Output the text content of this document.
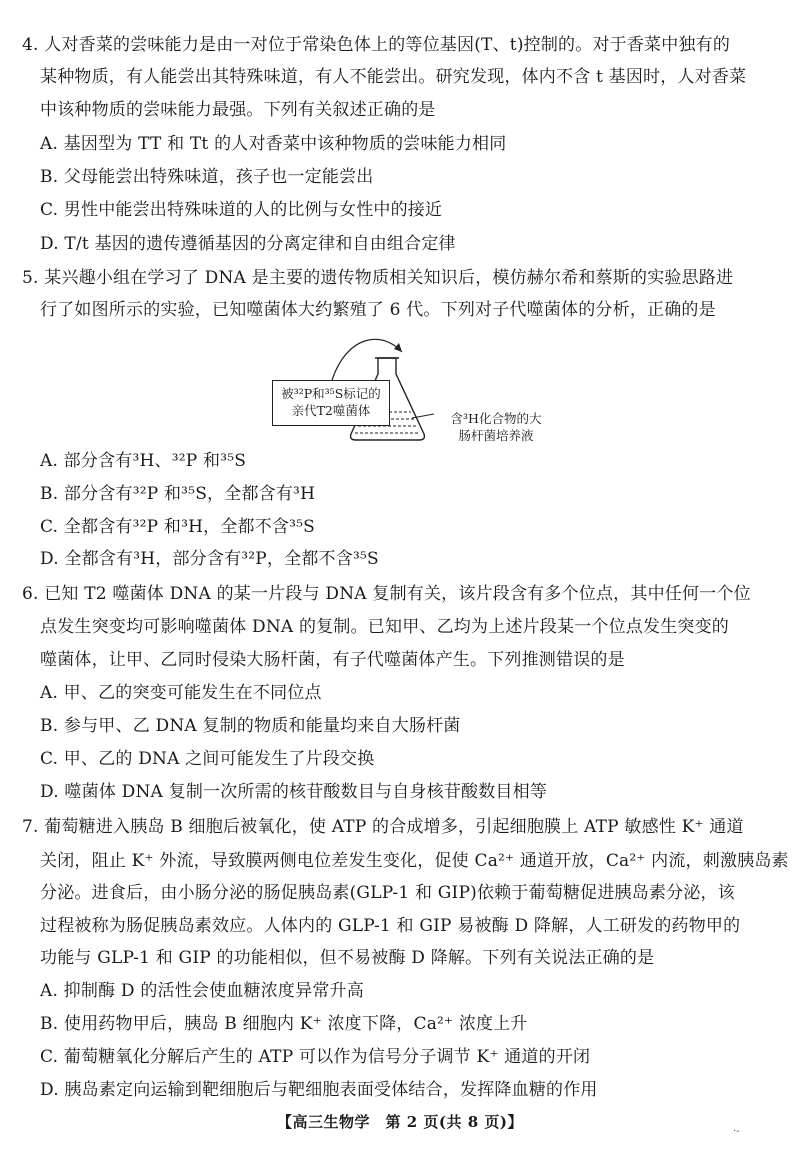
4. 人对香菜的尝味能力是由一对位于常染色体上的等位基因(T、t)控制的。对于香菜中独有的
某种物质，有人能尝出其特殊味道，有人不能尝出。研究发现，体内不含 t 基因时，人对香菜
中该种物质的尝味能力最强。下列有关叙述正确的是
A. 基因型为 TT 和 Tt 的人对香菜中该种物质的尝味能力相同
B. 父母能尝出特殊味道，孩子也一定能尝出
C. 男性中能尝出特殊味道的人的比例与女性中的接近
D. T/t 基因的遗传遵循基因的分离定律和自由组合定律
5. 某兴趣小组在学习了 DNA 是主要的遗传物质相关知识后，模仿赫尔希和蔡斯的实验思路进
行了如图所示的实验，已知噬菌体大约繁殖了 6 代。下列对子代噬菌体的分析，正确的是
被³²P和³⁵S标记的
亲代T2噬菌体
含³H化合物的大
肠杆菌培养液
A. 部分含有³H、³²P 和³⁵S
B. 部分含有³²P 和³⁵S，全都含有³H
C. 全都含有³²P 和³H，全都不含³⁵S
D. 全都含有³H，部分含有³²P，全都不含³⁵S
6. 已知 T2 噬菌体 DNA 的某一片段与 DNA 复制有关，该片段含有多个位点，其中任何一个位
点发生突变均可影响噬菌体 DNA 的复制。已知甲、乙均为上述片段某一个位点发生突变的
噬菌体，让甲、乙同时侵染大肠杆菌，有子代噬菌体产生。下列推测错误的是
A. 甲、乙的突变可能发生在不同位点
B. 参与甲、乙 DNA 复制的物质和能量均来自大肠杆菌
C. 甲、乙的 DNA 之间可能发生了片段交换
D. 噬菌体 DNA 复制一次所需的核苷酸数目与自身核苷酸数目相等
7. 葡萄糖进入胰岛 B 细胞后被氧化，使 ATP 的合成增多，引起细胞膜上 ATP 敏感性 K⁺ 通道
关闭，阻止 K⁺ 外流，导致膜两侧电位差发生变化，促使 Ca²⁺ 通道开放，Ca²⁺ 内流，刺激胰岛素
分泌。进食后，由小肠分泌的肠促胰岛素(GLP-1 和 GIP)依赖于葡萄糖促进胰岛素分泌，该
过程被称为肠促胰岛素效应。人体内的 GLP-1 和 GIP 易被酶 D 降解，人工研发的药物甲的
功能与 GLP-1 和 GIP 的功能相似，但不易被酶 D 降解。下列有关说法正确的是
A. 抑制酶 D 的活性会使血糖浓度异常升高
B. 使用药物甲后，胰岛 B 细胞内 K⁺ 浓度下降，Ca²⁺ 浓度上升
C. 葡萄糖氧化分解后产生的 ATP 可以作为信号分子调节 K⁺ 通道的开闭
D. 胰岛素定向运输到靶细胞后与靶细胞表面受体结合，发挥降血糖的作用
【高三生物学　第 2 页(共 8 页)】
·-
